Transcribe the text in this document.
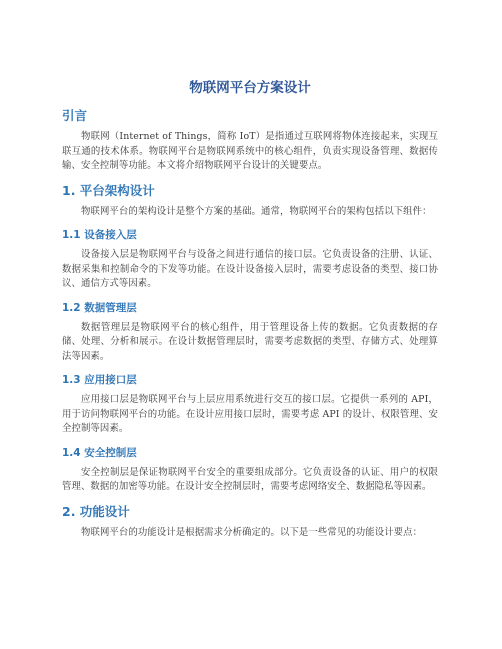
物联网平台方案设计
引言

物联网（Internet of Things，简称 IoT）是指通过互联网将物体连接起来，实现互联互通的技术体系。物联网平台是物联网系统中的核心组件，负责实现设备管理、数据传输、安全控制等功能。本文将介绍物联网平台设计的关键要点。

1. 平台架构设计

物联网平台的架构设计是整个方案的基础。通常，物联网平台的架构包括以下组件：

1.1 设备接入层

设备接入层是物联网平台与设备之间进行通信的接口层。它负责设备的注册、认证、数据采集和控制命令的下发等功能。在设计设备接入层时，需要考虑设备的类型、接口协议、通信方式等因素。

1.2 数据管理层

数据管理层是物联网平台的核心组件，用于管理设备上传的数据。它负责数据的存储、处理、分析和展示。在设计数据管理层时，需要考虑数据的类型、存储方式、处理算法等因素。

1.3 应用接口层

应用接口层是物联网平台与上层应用系统进行交互的接口层。它提供一系列的 API，用于访问物联网平台的功能。在设计应用接口层时，需要考虑 API 的设计、权限管理、安全控制等因素。

1.4 安全控制层

安全控制层是保证物联网平台安全的重要组成部分。它负责设备的认证、用户的权限管理、数据的加密等功能。在设计安全控制层时，需要考虑网络安全、数据隐私等因素。

2. 功能设计

物联网平台的功能设计是根据需求分析确定的。以下是一些常见的功能设计要点：
